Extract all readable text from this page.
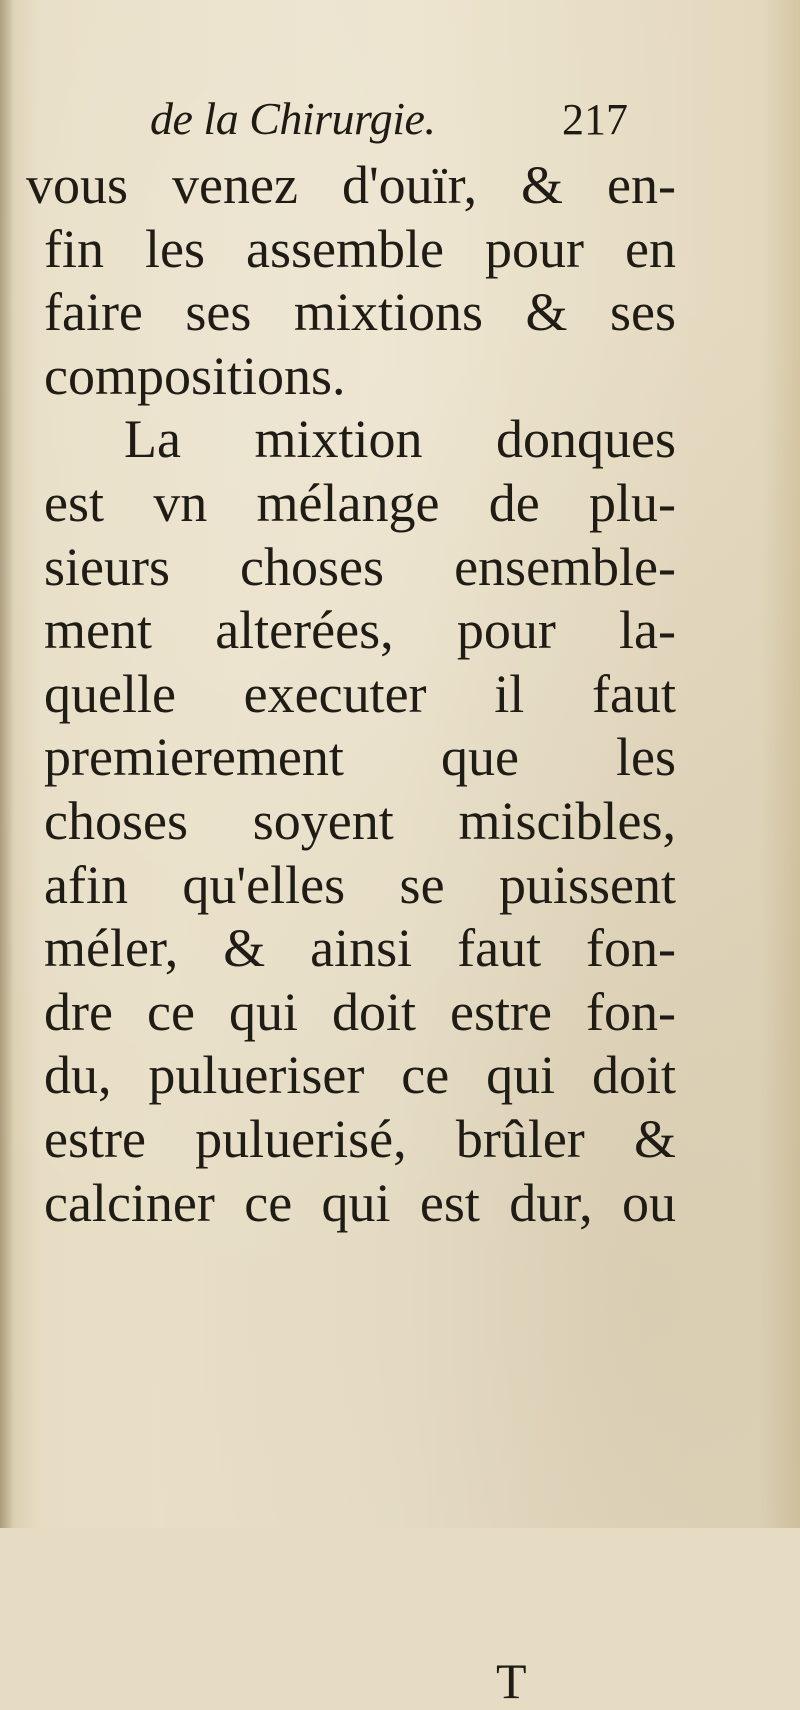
de la Chirurgie.	217
vous venez d'ouïr, & en-
fin les assemble pour en
faire ses mixtions & ses
compositions.
La mixtion donques
est vn mélange de plu-
sieurs choses ensemble-
ment alterées, pour la-
quelle executer il faut
premierement que les
choses soyent miscibles,
afin qu'elles se puissent
méler, & ainsi faut fon-
dre ce qui doit estre fon-
du, pulueriser ce qui doit
estre puluerisé, brûler &
calciner ce qui est dur, ou
T
